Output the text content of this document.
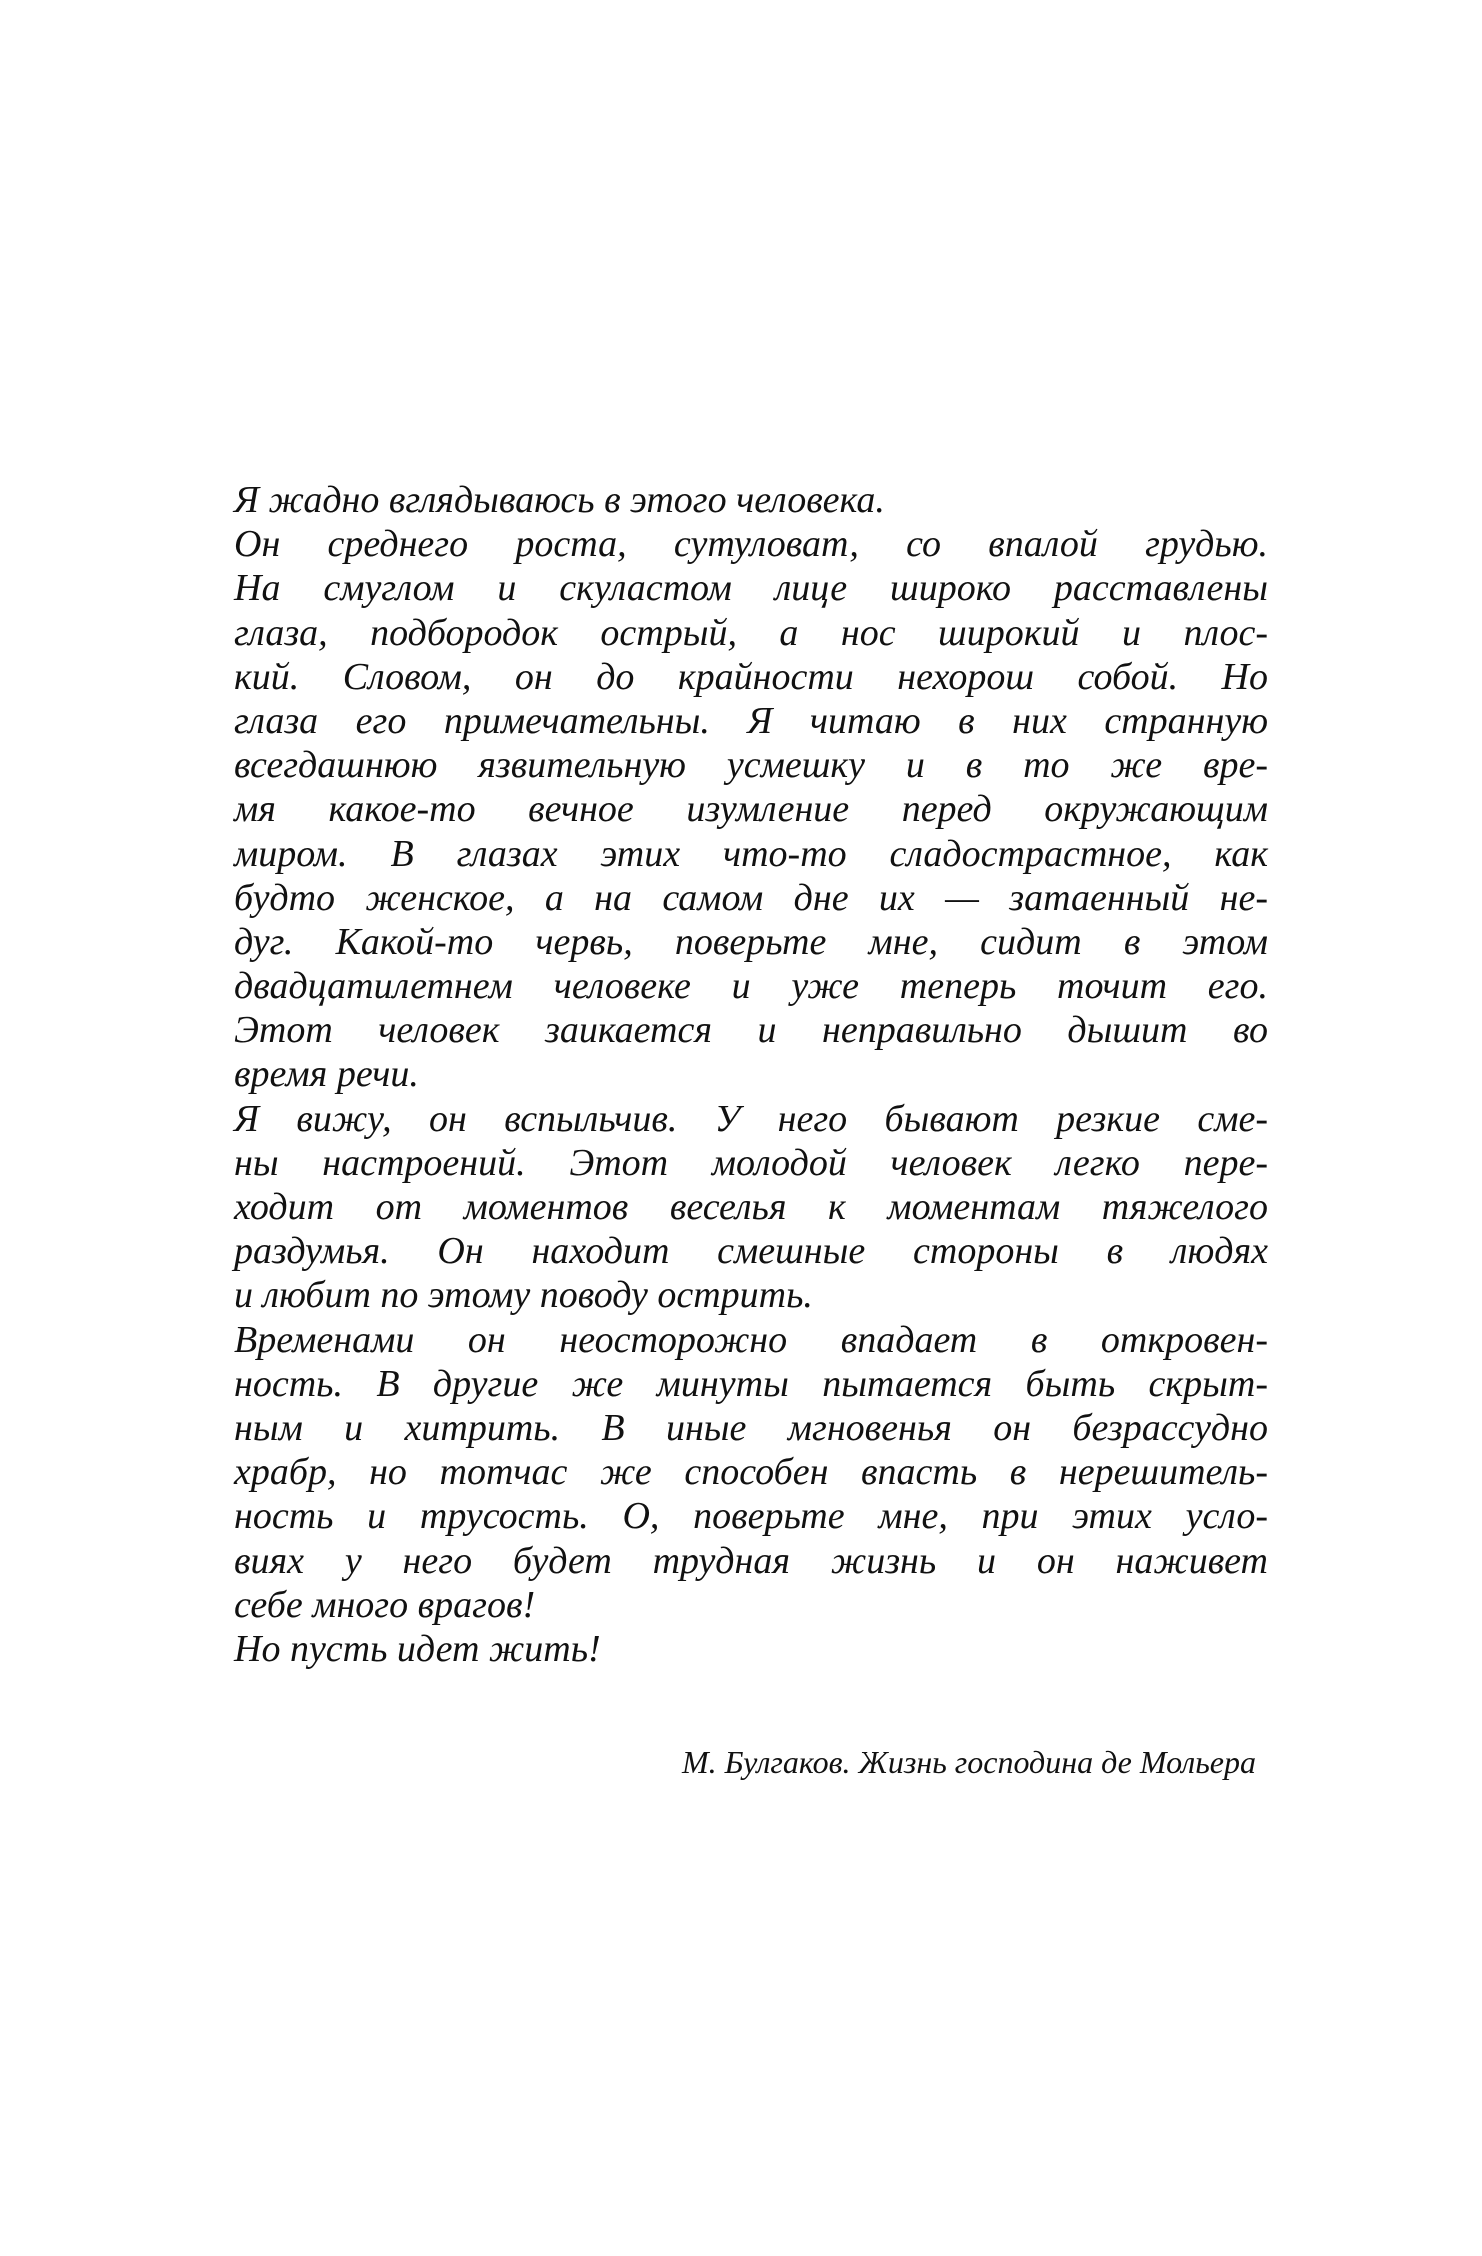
Я жадно вглядываюсь в этого человека.
Он среднего роста, сутуловат, со впалой грудью.
На смуглом и скуластом лице широко расставлены
глаза, подбородок острый, а нос широкий и плос-
кий. Словом, он до крайности нехорош собой. Но
глаза его примечательны. Я читаю в них странную
всегдашнюю язвительную усмешку и в то же вре-
мя какое-то вечное изумление перед окружающим
миром. В глазах этих что-то сладострастное, как
будто женское, а на самом дне их — затаенный не-
дуг. Какой-то червь, поверьте мне, сидит в этом
двадцатилетнем человеке и уже теперь точит его.
Этот человек заикается и неправильно дышит во
время речи.
Я вижу, он вспыльчив. У него бывают резкие сме-
ны настроений. Этот молодой человек легко пере-
ходит от моментов веселья к моментам тяжелого
раздумья. Он находит смешные стороны в людях
и любит по этому поводу острить.
Временами он неосторожно впадает в откровен-
ность. В другие же минуты пытается быть скрыт-
ным и хитрить. В иные мгновенья он безрассудно
храбр, но тотчас же способен впасть в нерешитель-
ность и трусость. О, поверьте мне, при этих усло-
виях у него будет трудная жизнь и он наживет
себе много врагов!
Но пусть идет жить!
М. Булгаков. Жизнь господина де Мольера
